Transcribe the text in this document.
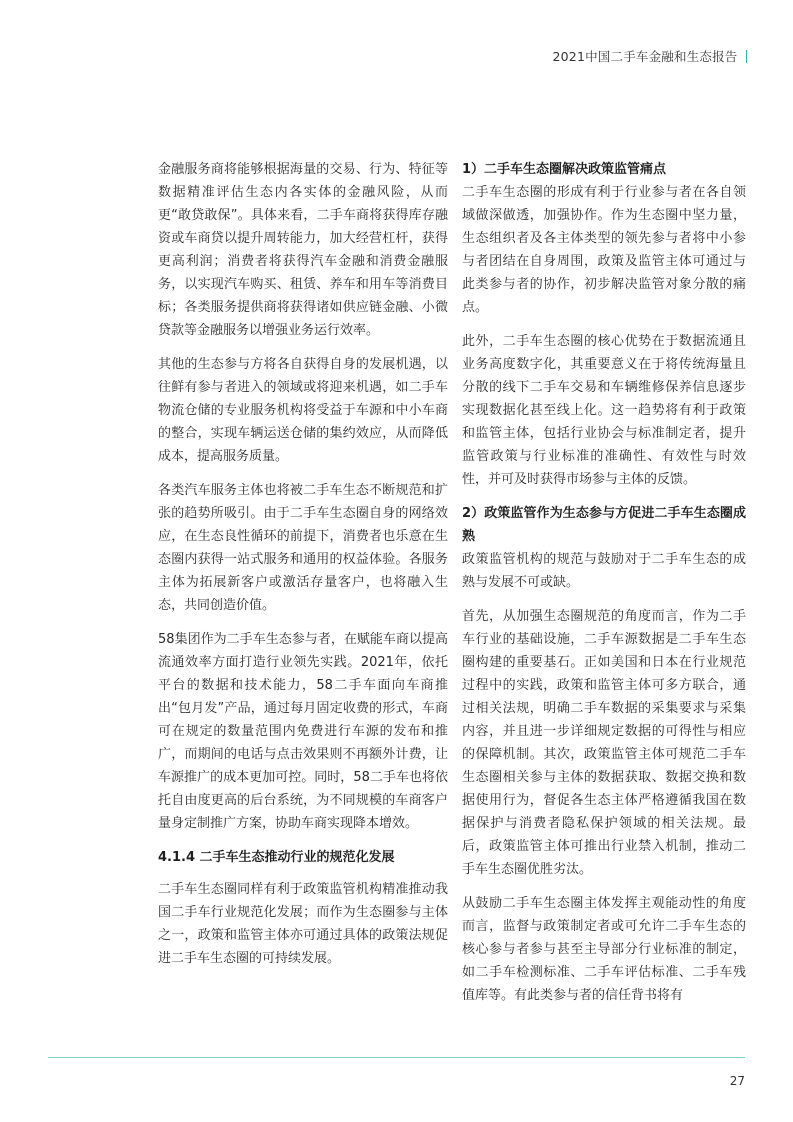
2021中国二手车金融和生态报告

金融服务商将能够根据海量的交易、行为、特征等数据精准评估生态内各实体的金融风险，从而更“敢贷敢保”。具体来看，二手车商将获得库存融资或车商贷以提升周转能力，加大经营杠杆，获得更高利润；消费者将获得汽车金融和消费金融服务，以实现汽车购买、租赁、养车和用车等消费目标；各类服务提供商将获得诸如供应链金融、小微贷款等金融服务以增强业务运行效率。

其他的生态参与方将各自获得自身的发展机遇，以往鲜有参与者进入的领域或将迎来机遇，如二手车物流仓储的专业服务机构将受益于车源和中小车商的整合，实现车辆运送仓储的集约效应，从而降低成本，提高服务质量。

各类汽车服务主体也将被二手车生态不断规范和扩张的趋势所吸引。由于二手车生态圈自身的网络效应，在生态良性循环的前提下，消费者也乐意在生态圈内获得一站式服务和通用的权益体验。各服务主体为拓展新客户或激活存量客户，也将融入生态，共同创造价值。

58集团作为二手车生态参与者，在赋能车商以提高流通效率方面打造行业领先实践。2021年，依托平台的数据和技术能力，58二手车面向车商推出“包月发”产品，通过每月固定收费的形式，车商可在规定的数量范围内免费进行车源的发布和推广，而期间的电话与点击效果则不再额外计费，让车源推广的成本更加可控。同时，58二手车也将依托自由度更高的后台系统，为不同规模的车商客户量身定制推广方案，协助车商实现降本增效。

4.1.4 二手车生态推动行业的规范化发展

二手车生态圈同样有利于政策监管机构精准推动我国二手车行业规范化发展；而作为生态圈参与主体之一，政策和监管主体亦可通过具体的政策法规促进二手车生态圈的可持续发展。

1）二手车生态圈解决政策监管痛点

二手车生态圈的形成有利于行业参与者在各自领域做深做透，加强协作。作为生态圈中坚力量，生态组织者及各主体类型的领先参与者将中小参与者团结在自身周围，政策及监管主体可通过与此类参与者的协作，初步解决监管对象分散的痛点。

此外，二手车生态圈的核心优势在于数据流通且业务高度数字化，其重要意义在于将传统海量且分散的线下二手车交易和车辆维修保养信息逐步实现数据化甚至线上化。这一趋势将有利于政策和监管主体，包括行业协会与标准制定者，提升监管政策与行业标准的准确性、有效性与时效性，并可及时获得市场参与主体的反馈。

2）政策监管作为生态参与方促进二手车生态圈成熟

政策监管机构的规范与鼓励对于二手车生态的成熟与发展不可或缺。

首先，从加强生态圈规范的角度而言，作为二手车行业的基础设施，二手车源数据是二手车生态圈构建的重要基石。正如美国和日本在行业规范过程中的实践，政策和监管主体可多方联合，通过相关法规，明确二手车数据的采集要求与采集内容，并且进一步详细规定数据的可得性与相应的保障机制。其次，政策监管主体可规范二手车生态圈相关参与主体的数据获取、数据交换和数据使用行为，督促各生态主体严格遵循我国在数据保护与消费者隐私保护领域的相关法规。最后，政策监管主体可推出行业禁入机制，推动二手车生态圈优胜劣汰。

从鼓励二手车生态圈主体发挥主观能动性的角度而言，监督与政策制定者或可允许二手车生态的核心参与者参与甚至主导部分行业标准的制定，如二手车检测标准、二手车评估标准、二手车残值库等。有此类参与者的信任背书将有

27
